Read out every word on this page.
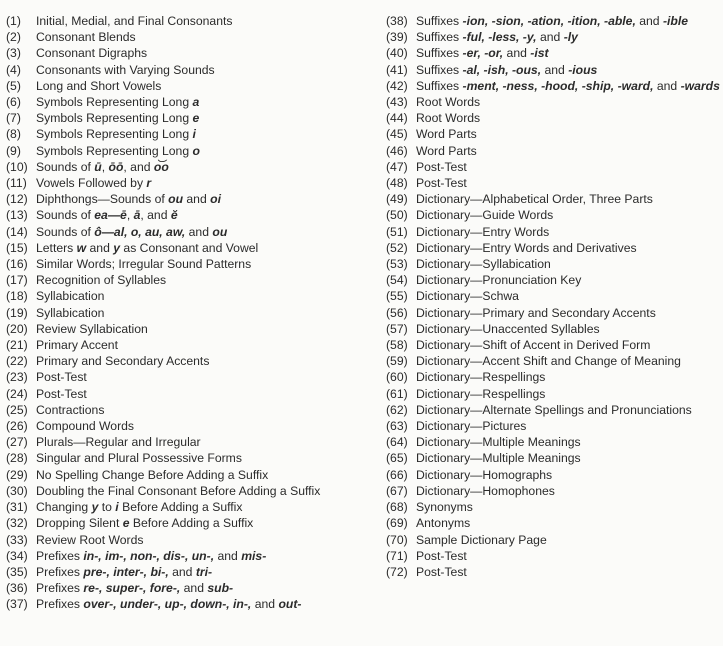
(1)	Initial, Medial, and Final Consonants
(2)	Consonant Blends
(3)	Consonant Digraphs
(4)	Consonants with Varying Sounds
(5)	Long and Short Vowels
(6)	Symbols Representing Long a
(7)	Symbols Representing Long e
(8)	Symbols Representing Long i
(9)	Symbols Representing Long o
(10) Sounds of ū, ōō, and o͝o
(11) Vowels Followed by r
(12) Diphthongs—Sounds of ou and oi
(13) Sounds of ea—ē, ā, and ĕ
(14) Sounds of ô—al, o, au, aw, and ou
(15) Letters w and y as Consonant and Vowel
(16) Similar Words; Irregular Sound Patterns
(17) Recognition of Syllables
(18) Syllabication
(19) Syllabication
(20) Review Syllabication
(21) Primary Accent
(22) Primary and Secondary Accents
(23) Post-Test
(24) Post-Test
(25) Contractions
(26) Compound Words
(27) Plurals—Regular and Irregular
(28) Singular and Plural Possessive Forms
(29) No Spelling Change Before Adding a Suffix
(30) Doubling the Final Consonant Before Adding a Suffix
(31) Changing y to i Before Adding a Suffix
(32) Dropping Silent e Before Adding a Suffix
(33) Review Root Words
(34) Prefixes in-, im-, non-, dis-, un-, and mis-
(35) Prefixes pre-, inter-, bi-, and tri-
(36) Prefixes re-, super-, fore-, and sub-
(37) Prefixes over-, under-, up-, down-, in-, and out-
(38) Suffixes -ion, -sion, -ation, -ition, -able, and -ible
(39) Suffixes -ful, -less, -y, and -ly
(40) Suffixes -er, -or, and -ist
(41) Suffixes -al, -ish, -ous, and -ious
(42) Suffixes -ment, -ness, -hood, -ship, -ward, and -wards
(43) Root Words
(44) Root Words
(45) Word Parts
(46) Word Parts
(47) Post-Test
(48) Post-Test
(49) Dictionary—Alphabetical Order, Three Parts
(50) Dictionary—Guide Words
(51) Dictionary—Entry Words
(52) Dictionary—Entry Words and Derivatives
(53) Dictionary—Syllabication
(54) Dictionary—Pronunciation Key
(55) Dictionary—Schwa
(56) Dictionary—Primary and Secondary Accents
(57) Dictionary—Unaccented Syllables
(58) Dictionary—Shift of Accent in Derived Form
(59) Dictionary—Accent Shift and Change of Meaning
(60) Dictionary—Respellings
(61) Dictionary—Respellings
(62) Dictionary—Alternate Spellings and Pronunciations
(63) Dictionary—Pictures
(64) Dictionary—Multiple Meanings
(65) Dictionary—Multiple Meanings
(66) Dictionary—Homographs
(67) Dictionary—Homophones
(68) Synonyms
(69) Antonyms
(70) Sample Dictionary Page
(71) Post-Test
(72) Post-Test
